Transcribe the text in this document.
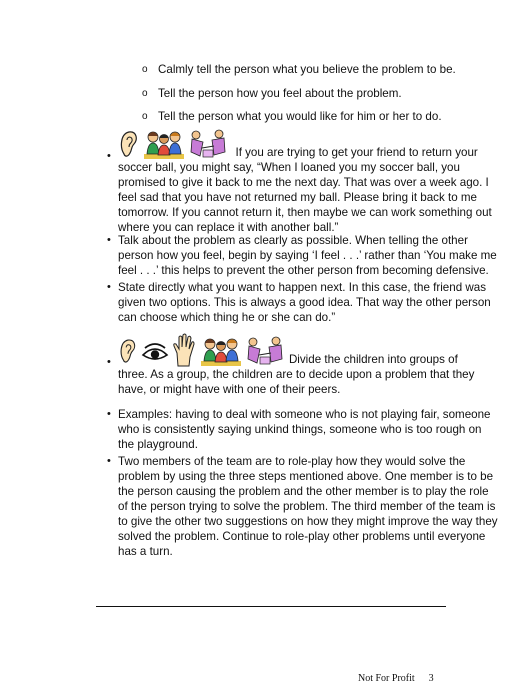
o Calmly tell the person what you believe the problem to be.
o Tell the person how you feel about the problem.
o Tell the person what you would like for him or her to do.
•	If you are trying to get your friend to return your
soccer ball, you might say, “When I loaned you my soccer ball, you
promised to give it back to me the next day. That was over a week ago. I
feel sad that you have not returned my ball. Please bring it back to me
tomorrow. If you cannot return it, then maybe we can work something out
where you can replace it with another ball.”

• Talk about the problem as clearly as possible. When telling the other
person how you feel, begin by saying ‘I feel . . .’ rather than ‘You make me
feel . . .’ this helps to prevent the other person from becoming defensive.

• State directly what you want to happen next. In this case, the friend was
given two options. This is always a good idea. That way the other person
can choose which thing he or she can do.”

•	Divide the children into groups of
three. As a group, the children are to decide upon a problem that they
have, or might have with one of their peers.

• Examples: having to deal with someone who is not playing fair, someone
who is consistently saying unkind things, someone who is too rough on
the playground.

• Two members of the team are to role-play how they would solve the
problem by using the three steps mentioned above. One member is to be
the person causing the problem and the other member is to play the role
of the person trying to solve the problem. The third member of the team is
to give the other two suggestions on how they might improve the way they
solved the problem. Continue to role-play other problems until everyone
has a turn.

Not For Profit 3
